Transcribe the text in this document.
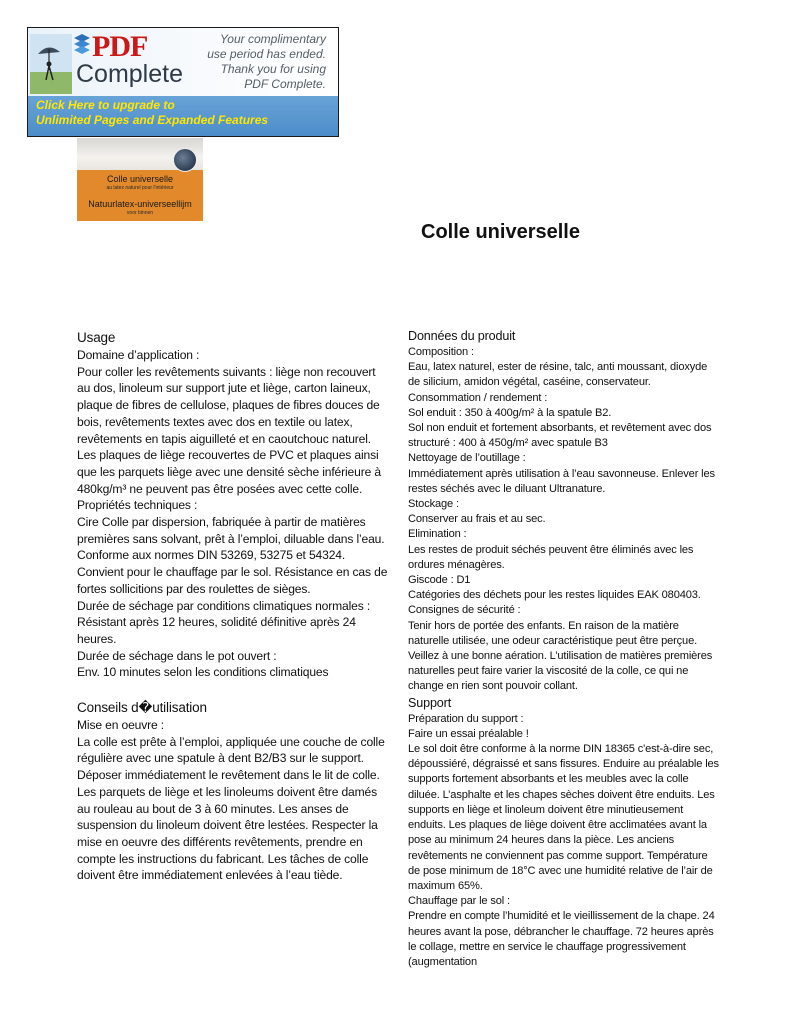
PDF
Complete
Your complimentary
use period has ended.
Thank you for using
PDF Complete.
Click Here to upgrade to
Unlimited Pages and Expanded Features
Colle universelle
au latex naturel pour l'intérieur
Natuurlatex-universeellijm
voor binnen
Colle universelle
Usage
Domaine d’application :
Pour coller les revêtements suivants : liège non recouvert
au dos, linoleum sur support jute et liège, carton laineux,
plaque de fibres de cellulose, plaques de fibres douces de
bois, revêtements textes avec dos en textile ou latex,
revêtements en tapis aiguilleté et en caoutchouc naturel.
Les plaques de liège recouvertes de PVC et plaques ainsi
que les parquets liège avec une densité sèche inférieure à
480kg/m³ ne peuvent pas être posées avec cette colle.
Propriétés techniques :
Cire Colle par dispersion, fabriquée à partir de matières
premières sans solvant, prêt à l’emploi, diluable dans l’eau.
Conforme aux normes DIN 53269, 53275 et 54324.
Convient pour le chauffage par le sol. Résistance en cas de
fortes sollicitions par des roulettes de sièges.
Durée de séchage par conditions climatiques normales :
Résistant après 12 heures, solidité définitive après 24
heures.
Durée de séchage dans le pot ouvert :
Env. 10 minutes selon les conditions climatiques
Conseils d�utilisation
Mise en oeuvre :
La colle est prête à l’emploi, appliquée une couche de colle
régulière avec une spatule à dent B2/B3 sur le support.
Déposer immédiatement le revêtement dans le lit de colle.
Les parquets de liège et les linoleums doivent être damés
au rouleau au bout de 3 à 60 minutes. Les anses de
suspension du linoleum doivent être lestées. Respecter la
mise en oeuvre des différents revêtements, prendre en
compte les instructions du fabricant. Les tâches de colle
doivent être immédiatement enlevées à l’eau tiède.
Données du produit
Composition :
Eau, latex naturel, ester de résine, talc, anti moussant, dioxyde
de silicium, amidon végétal, caséine, conservateur.
Consommation / rendement :
Sol enduit : 350 à 400g/m² à la spatule B2.
Sol non enduit et fortement absorbants, et revêtement avec dos
structuré : 400 à 450g/m² avec spatule B3
Nettoyage de l’outillage :
Immédiatement après utilisation à l’eau savonneuse. Enlever les
restes séchés avec le diluant Ultranature.
Stockage :
Conserver au frais et au sec.
Elimination :
Les restes de produit séchés peuvent être éliminés avec les
ordures ménagères.
Giscode : D1
Catégories des déchets pour les restes liquides EAK 080403.
Consignes de sécurité :
Tenir hors de portée des enfants. En raison de la matière
naturelle utilisée, une odeur caractéristique peut être perçue.
Veillez à une bonne aération. L’utilisation de matières premières
naturelles peut faire varier la viscosité de la colle, ce qui ne
change en rien sont pouvoir collant.
Support
Préparation du support :
Faire un essai préalable !
Le sol doit être conforme à la norme DIN 18365 c'est-à-dire sec,
dépoussiéré, dégraissé et sans fissures. Enduire au préalable les
supports fortement absorbants et les meubles avec la colle
diluée. L’asphalte et les chapes sèches doivent être enduits. Les
supports en liège et linoleum doivent être minutieusement
enduits. Les plaques de liège doivent être acclimatées avant la
pose au minimum 24 heures dans la pièce. Les anciens
revêtements ne conviennent pas comme support. Température
de pose minimum de 18°C avec une humidité relative de l’air de
maximum 65%.
Chauffage par le sol :
Prendre en compte l’humidité et le vieillissement de la chape. 24
heures avant la pose, débrancher le chauffage. 72 heures après
le collage, mettre en service le chauffage progressivement
(augmentation
